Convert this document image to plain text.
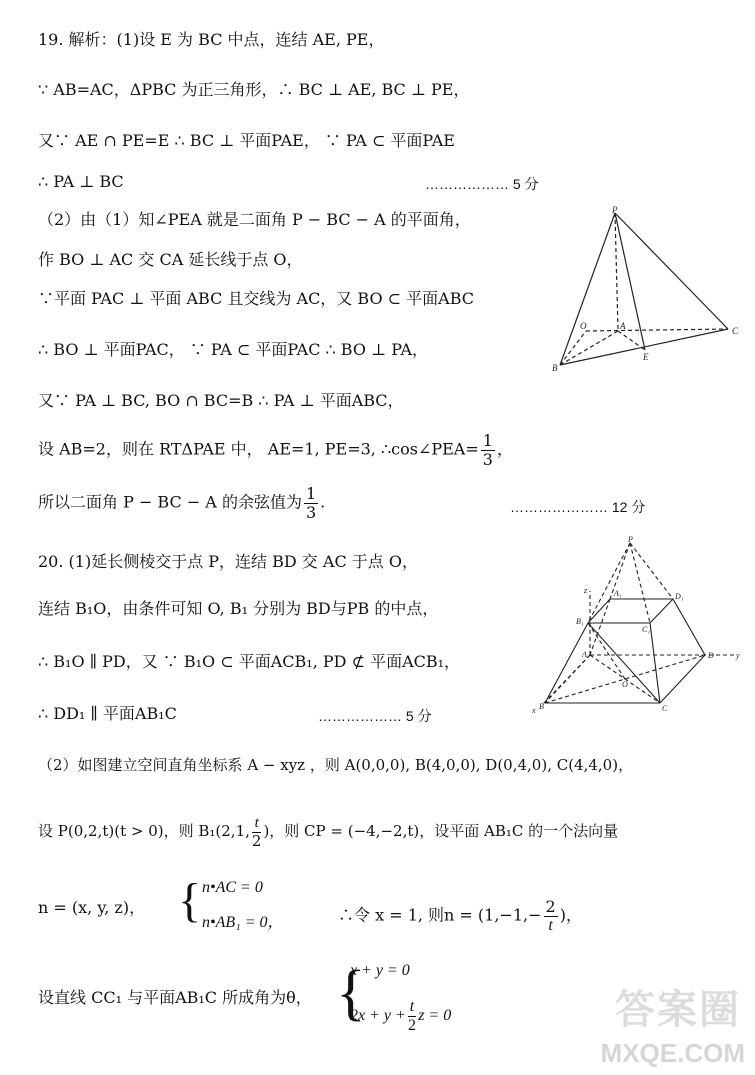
19. 解析：(1)设 E 为 BC 中点，连结 AE, PE，
∵ AB=AC，ΔPBC 为正三角形，∴ BC ⊥ AE, BC ⊥ PE，
又∵ AE ∩ PE=E ∴ BC ⊥ 平面PAE， ∵ PA ⊂ 平面PAE
∴ PA ⊥ BC	……………… 5 分
（2）由（1）知∠PEA 就是二面角 P − BC − A 的平面角，
作 BO ⊥ AC 交 CA 延长线于点 O，
∵平面 PAC ⊥ 平面 ABC 且交线为 AC，又 BO ⊂ 平面ABC
∴ BO ⊥ 平面PAC， ∵ PA ⊂ 平面PAC ∴ BO ⊥ PA，
又∵ PA ⊥ BC, BO ∩ BC=B ∴ PA ⊥ 平面ABC，
设 AB=2，则在 RTΔPAE 中， AE=1, PE=3, ∴cos∠PEA= $\frac{1}{3}$ ，
所以二面角 P − BC − A 的余弦值为 $\frac{1}{3}$ .	………………… 12 分
P
O	A
B
C
E
20. (1)延长侧棱交于点 P，连结 BD 交 AC 于点 O，
连结 B₁O，由条件可知 O, B₁ 分别为 BD与PB 的中点，
∴ B₁O ∥ PD，又 ∵ B₁O ⊂ 平面ACB₁, PD ⊄ 平面ACB₁，
∴ DD₁ ∥ 平面AB₁C	……………… 5 分
（2）如图建立空间直角坐标系 A − xyz ，则 A(0,0,0), B(4,0,0), D(0,4,0), C(4,4,0)，
设 P(0,2,t)(t > 0)，则 B₁(2,1, $\frac{t}{2}$ )，则 CP = (−4,−2,t)，设平面 AB₁C 的一个法向量
n = (x, y, z)， { n•AC = 0
n•AB₁ = 0，	∴令 x = 1, 则$n = (1,-1,- \frac{2}{t}$ )，
设直线 CC₁ 与平面AB₁C 所成角为θ， {
x + y = 0
$2x + y + \frac{t}{2}$ z = 0
P
z	A₁	D₁
B₁
C₁
A
O
D	y
x B	C
答案圈
MXQE.COM
